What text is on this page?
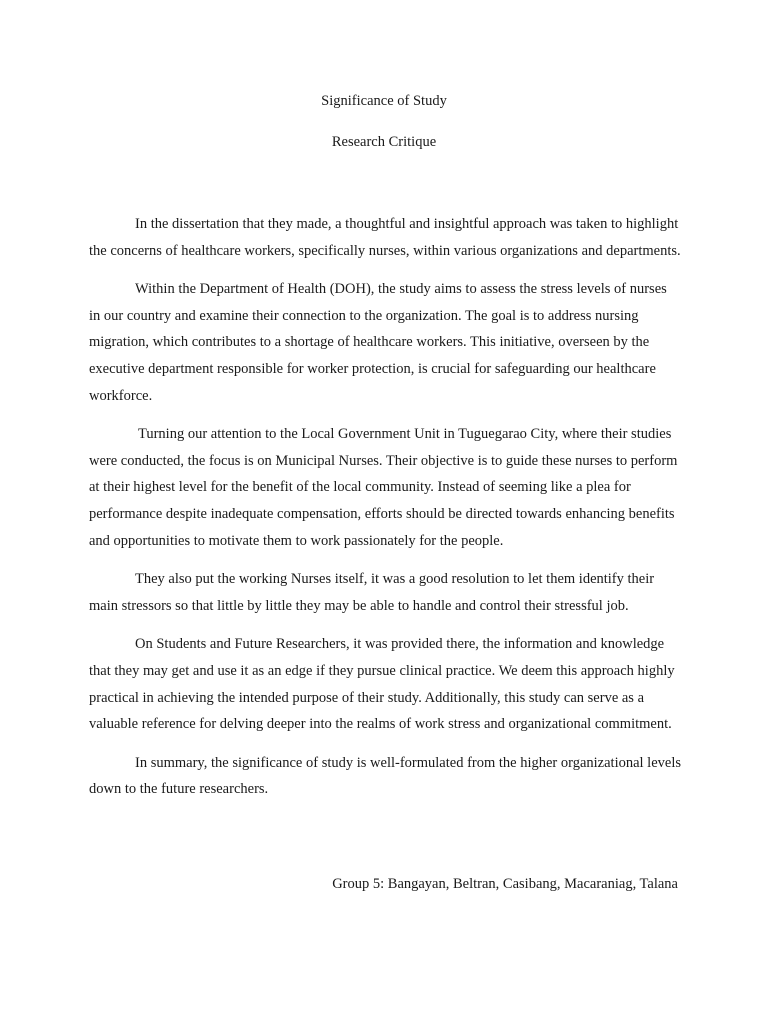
Significance of Study
Research Critique

In the dissertation that they made, a thoughtful and insightful approach was taken to highlight the concerns of healthcare workers, specifically nurses, within various organizations and departments.

Within the Department of Health (DOH), the study aims to assess the stress levels of nurses in our country and examine their connection to the organization. The goal is to address nursing migration, which contributes to a shortage of healthcare workers. This initiative, overseen by the executive department responsible for worker protection, is crucial for safeguarding our healthcare workforce.

Turning our attention to the Local Government Unit in Tuguegarao City, where their studies were conducted, the focus is on Municipal Nurses. Their objective is to guide these nurses to perform at their highest level for the benefit of the local community. Instead of seeming like a plea for performance despite inadequate compensation, efforts should be directed towards enhancing benefits and opportunities to motivate them to work passionately for the people.

They also put the working Nurses itself, it was a good resolution to let them identify their main stressors so that little by little they may be able to handle and control their stressful job.

On Students and Future Researchers, it was provided there, the information and knowledge that they may get and use it as an edge if they pursue clinical practice. We deem this approach highly practical in achieving the intended purpose of their study. Additionally, this study can serve as a valuable reference for delving deeper into the realms of work stress and organizational commitment.

In summary, the significance of study is well-formulated from the higher organizational levels down to the future researchers.

Group 5: Bangayan, Beltran, Casibang, Macaraniag, Talana
